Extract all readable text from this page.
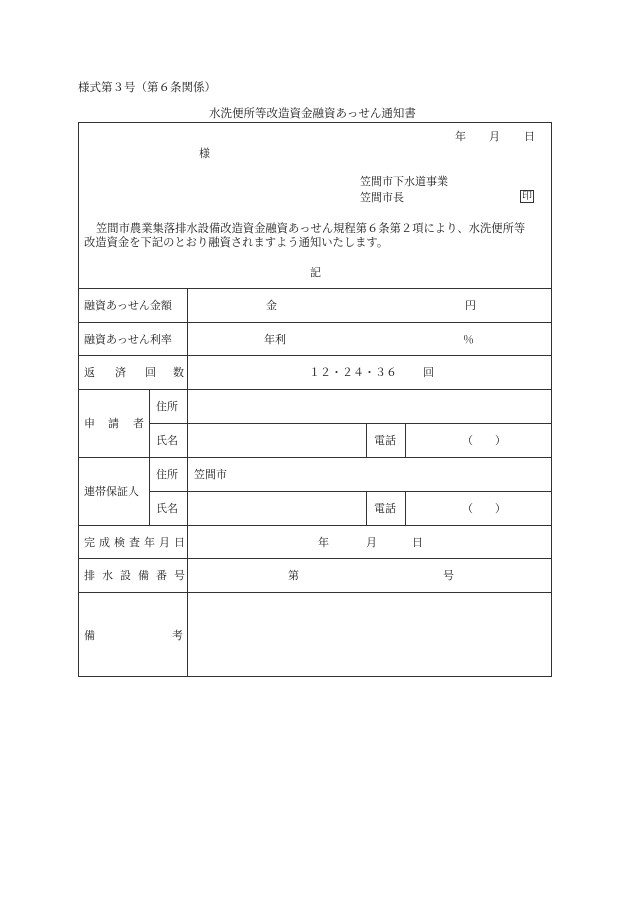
様式第３号（第６条関係）
水洗便所等改造資金融資あっせん通知書
年 月 日
様
笠間市下水道事業
笠間市長	印
笠間市農業集落排水設備改造資金融資あっせん規程第６条第２項により、水洗便所等
改造資金を下記のとおり融資されますよう通知いたします。
記
融資あっせん金額	金	円
融資あっせん利率	年利	％
返 済 回 数	１２・２４・３６ 回
申 請 者
住所
氏名	電話	（　　）
連帯保証人
住所 笠間市
氏名	電話	（　　）
完 成 検 査 年 月 日	年	月	日
排 水 設 備 番 号	第	号
備	考
